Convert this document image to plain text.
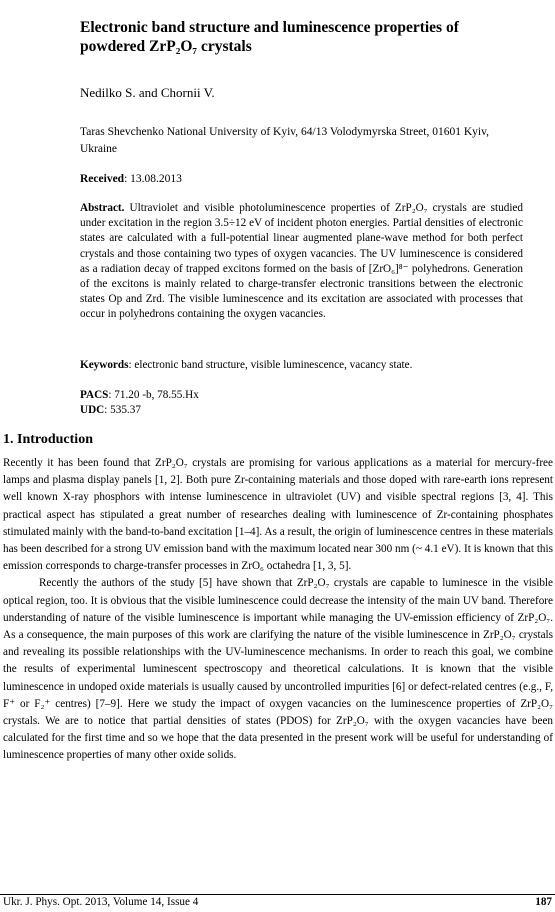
Electronic band structure and luminescence properties of powdered ZrP₂O₇ crystals
Nedilko S. and Chornii V.
Taras Shevchenko National University of Kyiv, 64/13 Volodymyrska Street, 01601 Kyiv, Ukraine
Received: 13.08.2013
Abstract. Ultraviolet and visible photoluminescence properties of ZrP₂O₇ crystals are studied under excitation in the region 3.5÷12 eV of incident photon energies. Partial densities of electronic states are calculated with a full-potential linear augmented plane-wave method for both perfect crystals and those containing two types of oxygen vacancies. The UV luminescence is considered as a radiation decay of trapped excitons formed on the basis of [ZrO₆]⁸⁻ polyhedrons. Generation of the excitons is mainly related to charge-transfer electronic transitions between the electronic states Op and Zrd. The visible luminescence and its excitation are associated with processes that occur in polyhedrons containing the oxygen vacancies.
Keywords: electronic band structure, visible luminescence, vacancy state.
PACS: 71.20 -b, 78.55.Hx
UDC: 535.37
1. Introduction

Recently it has been found that ZrP₂O₇ crystals are promising for various applications as a material for mercury-free lamps and plasma display panels [1, 2]. Both pure Zr-containing materials and those doped with rare-earth ions represent well known X-ray phosphors with intense luminescence in ultraviolet (UV) and visible spectral regions [3, 4]. This practical aspect has stipulated a great number of researches dealing with luminescence of Zr-containing phosphates stimulated mainly with the band-to-band excitation [1–4]. As a result, the origin of luminescence centres in these materials has been described for a strong UV emission band with the maximum located near 300 nm (~ 4.1 eV). It is known that this emission corresponds to charge-transfer processes in ZrO₆ octahedra [1, 3, 5].

Recently the authors of the study [5] have shown that ZrP₂O₇ crystals are capable to luminesce in the visible optical region, too. It is obvious that the visible luminescence could decrease the intensity of the main UV band. Therefore understanding of nature of the visible luminescence is important while managing the UV-emission efficiency of ZrP₂O₇. As a consequence, the main purposes of this work are clarifying the nature of the visible luminescence in ZrP₂O₇ crystals and revealing its possible relationships with the UV-luminescence mechanisms. In order to reach this goal, we combine the results of experimental luminescent spectroscopy and theoretical calculations. It is known that the visible luminescence in undoped oxide materials is usually caused by uncontrolled impurities [6] or defect-related centres (e.g., F, F⁺ or F₂⁺ centres) [7–9]. Here we study the impact of oxygen vacancies on the luminescence properties of ZrP₂O₇ crystals. We are to notice that partial densities of states (PDOS) for ZrP₂O₇ with the oxygen vacancies have been calculated for the first time and so we hope that the data presented in the present work will be useful for understanding of luminescence properties of many other oxide solids.

Ukr. J. Phys. Opt. 2013, Volume 14, Issue 4	187
